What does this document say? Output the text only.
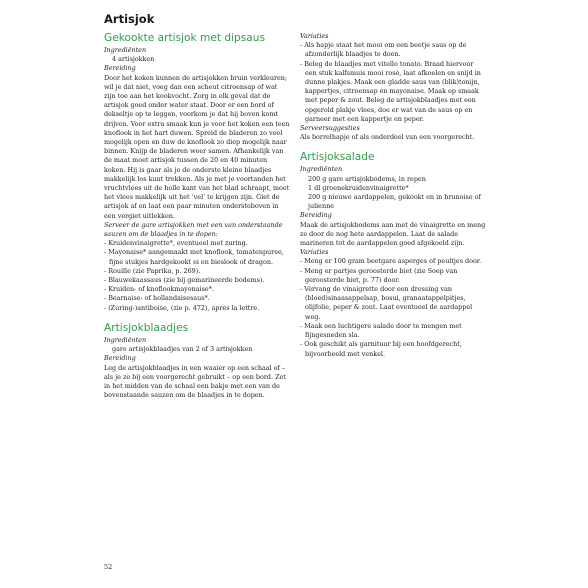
Artisjok
Gekookte artisjok met dipsaus
Ingrediënten
4 artisjokken
Bereiding

Door het koken kunnen de artisjokken bruin verkleuren; wil je dat niet, voeg dan een scheut citroensap of wat zijn toe aan het kookvocht. Zorg in elk geval dat de artisjok goed onder water staat. Door er een bord of dekseltje op te leggen, voorkom je dat hij boven komt drijven. Voor extra smaak kun je voor het koken een teen knoflook in het hart duwen. Spreid de bladeren zo veel mogelijk open en duw de knoflook zo diep mogelijk naar binnen. Knijp de bladeren weer samen. Afhankelijk van de maat moet artisjok tussen de 20 en 40 minuten koken. Hij is gaar als je de onderste kleine blaadjes makkelijk los kunt trekken. Als je met je voortanden het vruchtvlees uit de holle kant van het blad schraapt, moet het vlees makkelijk uit het ‘vel’ te krijgen zijn. Giet de artisjok af en laat een paar minuten ondersteboven in een vergiet uitlekken.

Serveer de gare artisjokken met een van onderstaande sauzen om de blaadjes in te dopen:
- Kruidenvinaigrette*, eventueel met zuring.
- Mayonaise* aangemaakt met knoflook, tomatenpuree, fijne stukjes hardgekookt ei en bieslook of dragon.
- Rouille (zie Paprika, p. 269).
- Blauwekaassaus (zie bij gemarineerde bodems).
- Kruiden- of knoflookmayonaise*.
- Bearnaise- of hollandaisesaus*.
- (Zuring-)antiboise, (zie p. 472), après la lettre.
Artisjokblaadjes
Ingrediënten
gare artisjokblaadjes van 2 of 3 artisjokken
Bereiding

Leg de artisjokblaadjes in een waaier op een schaal of – als je ze bij een voorgerecht gebruikt – op een bord. Zet in het midden van de schaal een bakje met een van de bovenstaande sauzen om de blaadjes in te dopen.

Variaties
- Als hapje staat het mooi om een beetje saus op de afzonderlijk blaadjes te doen.
- Beleg de blaadjes met vitello tonato. Braad hiervoor een stuk kalfsmuis mooi rosé, laat afkoelen en snijd in dunne plakjes. Maak een gladde saus van (blik)tonijn, kappertjes, citroensap en mayonaise. Maak op smaak met peper & zout. Beleg de artisjokblaadjes met een opgerold plakje vlees, doe er wat van de saus op en garneer met een kappertje en peper.
Serveersuggesties

Als borrelhapje of als onderdeel van een voorgerecht.

Artisjoksalade
Ingrediënten
200 g gare artisjokbodems, in repen
1 dl groenekruidenvinaigrette*
200 g nieuwe aardappelen, gekookt en in brunoise of julienne
Bereiding

Maak de artisjokbodems aan met de vinaigrette en meng ze door de nog hete aardappelen. Laat de salade marineren tot de aardappelen goed afgekoeld zijn.

Variaties
- Meng er 100 gram beetgare asperges of peultjes door.
- Meng er partjes geroosterde biet (zie Soep van geroosterde biet, p. 77) door.
- Vervang de vinaigrette door een dressing van (bloed)sinaasappelsap, bosui, granaatappelpitjes, olijfolie, peper & zout. Laat eventueel de aardappel weg.
- Maak een luchtigere salade door te mengen met fijngesneden sla.
- Ook geschikt als garnituur bij een hoofdgerecht, bijvoorbeeld met venkel.
52
